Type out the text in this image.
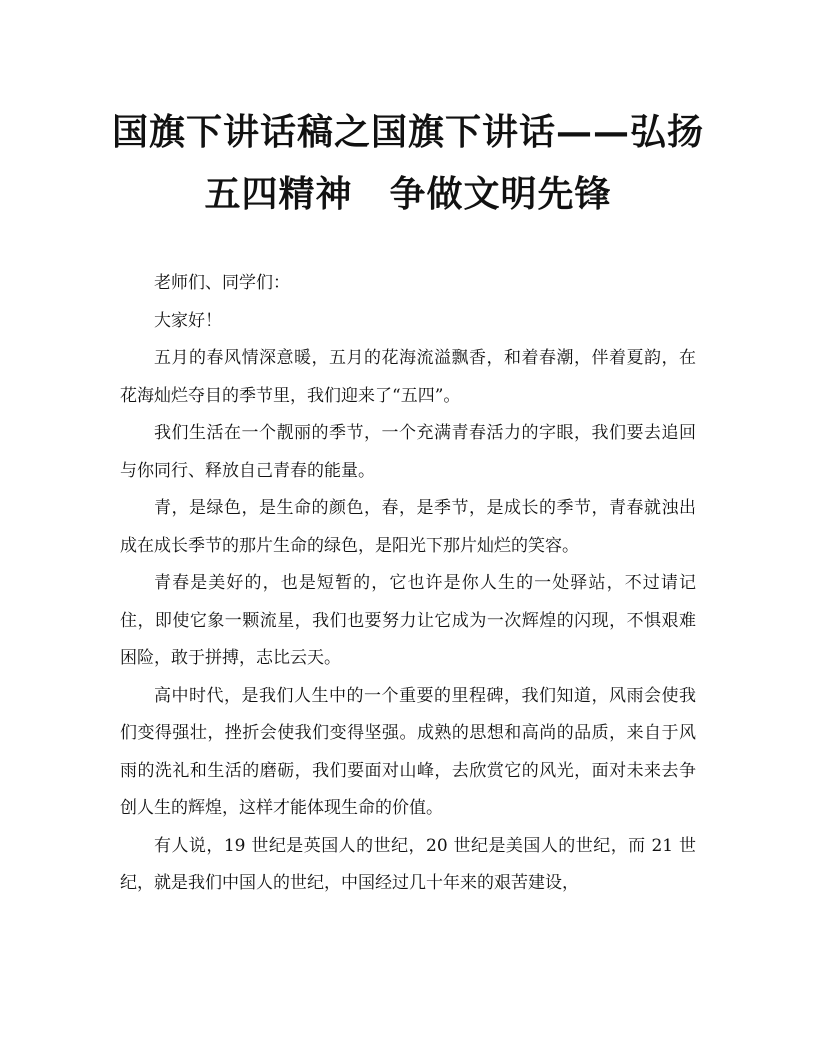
国旗下讲话稿之国旗下讲话——弘扬
五四精神　争做文明先锋

老师们、同学们：

大家好！

五月的春风情深意暖，五月的花海流溢飘香，和着春潮，伴着夏韵，在花海灿烂夺目的季节里，我们迎来了“五四”。

我们生活在一个靓丽的季节，一个充满青春活力的字眼，我们要去追回与你同行、释放自己青春的能量。

青，是绿色，是生命的颜色，春，是季节，是成长的季节，青春就浊出成在成长季节的那片生命的绿色，是阳光下那片灿烂的笑容。

青春是美好的，也是短暂的，它也许是你人生的一处驿站，不过请记住，即使它象一颗流星，我们也要努力让它成为一次辉煌的闪现，不惧艰难困险，敢于拼搏，志比云天。

高中时代，是我们人生中的一个重要的里程碑，我们知道，风雨会使我们变得强壮，挫折会使我们变得坚强。成熟的思想和高尚的品质，来自于风雨的洗礼和生活的磨砺，我们要面对山峰，去欣赏它的风光，面对未来去争创人生的辉煌，这样才能体现生命的价值。

有人说，19 世纪是英国人的世纪，20 世纪是美国人的世纪，而 21 世纪，就是我们中国人的世纪，中国经过几十年来的艰苦建设，
